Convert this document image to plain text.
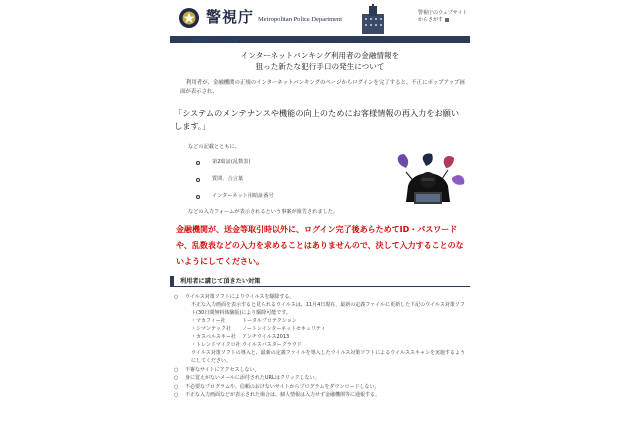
警視庁 Metropolitan Police Department
警視庁のウェブサイトからさがす
トップ / 情報セキュリティ広場 / インターネットバンキング利用者の金融情報を狙った新たな犯行手口の発生について
インターネットバンキング利用者の金融情報を
狙った新たな犯行手口の発生について

利用者が、金融機関の正規のインターネットバンキングのページからログインを完了すると、不正にポップアップ画面が表示され、

「システムのメンテナンスや機能の向上のためにお客様情報の再入力をお願いします。」

などの記載とともに、

第2暗証(乱数表)
質問、合言葉
インターネット用暗証番号

などの入力フォームが表示されるという事案が報告されました。

金融機関が、送金等取引時以外に、ログイン完了後あらためてID・パスワードや、乱数表などの入力を求めることはありませんので、決して入力することのないようにしてください。

利用者に講じて頂きたい対策
○	ウイルス対策ソフトによりウイルスを駆除する。
不正な入力画面を表示すると見られるウイルスは、11月4日現在、最新の定義ファイルに更新した下記のウイルス対策ソフト(30日間無料体験版)により駆除可能です。
・マカフィー社	トータルプロテクション
・シマンテック社	ノートンインターネットセキュリティ
・カスペルスキー社	アンチウイルス2013
・トレンドマイクロ社 ウイルスバスタークラウド
ウイルス対策ソフトの導入と、最新の定義ファイルを導入したウイルス対策ソフトによるウイルススキャンを実施するようにしてください。
○	不審なサイトにアクセスしない。
○	身に覚えがないメールに添付されたURLはクリックしない。
○	不必要なプログラムや、信頼のおけないサイトからプログラムをダウンロードしない。
○	不正な入力画面などが表示された場合は、個人情報は入力せず金融機関等に通報する。
